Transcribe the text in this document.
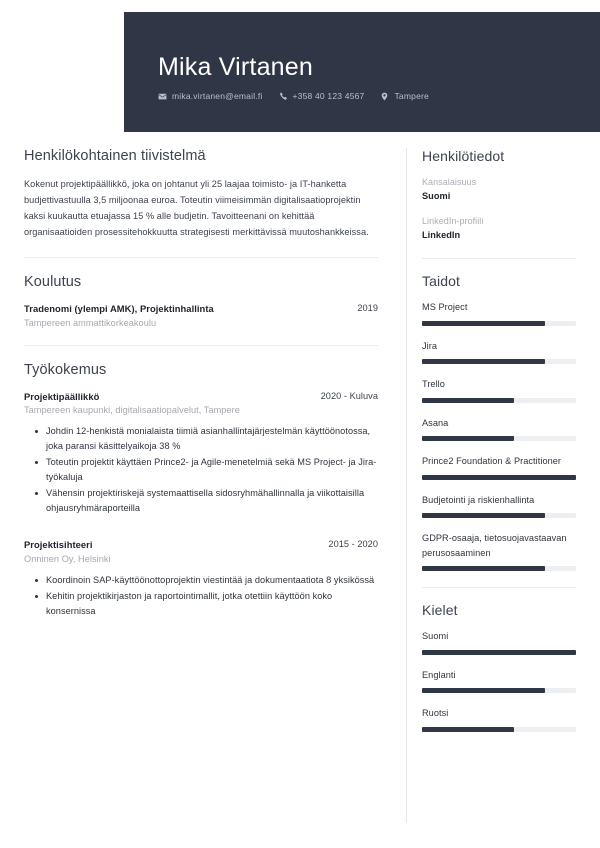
Mika Virtanen
mika.virtanen@email.fi	+358 40 123 4567	Tampere
Henkilökohtainen tiivistelmä

Kokenut projektipäällikkö, joka on johtanut yli 25 laajaa toimisto- ja IT-hanketta budjettivastuulla 3,5 miljoonaa euroa. Toteutin viimeisimmän digitalisaatioprojektin kaksi kuukautta etuajassa 15 % alle budjetin. Tavoitteenani on kehittää organisaatioiden prosessitehokkuutta strategisesti merkittävissä muutoshankkeissa.

Koulutus
Tradenomi (ylempi AMK), Projektinhallinta	2019
Tampereen ammattikorkeakoulu
Työkokemus
Projektipäällikkö	2020 - Kuluva
Tampereen kaupunki, digitalisaatiopalvelut, Tampere
Johdin 12-henkistä monialaista tiimiä asianhallintajärjestelmän käyttöönotossa, joka paransi käsittelyaikoja 38 %
Toteutin projektit käyttäen Prince2- ja Agile-menetelmiä sekä MS Project- ja Jira-työkaluja
Vähensin projektiriskejä systemaattisella sidosryhmähallinnalla ja viikottaisilla ohjausryhmäraporteilla
Projektisihteeri	2015 - 2020
Onninen Oy, Helsinki
Koordinoin SAP-käyttöönottoprojektin viestintää ja dokumentaatiota 8 yksikössä
Kehitin projektikirjaston ja raportointimallit, jotka otettiin käyttöön koko konsernissa
Henkilötiedot
Kansalaisuus
Suomi
LinkedIn-profiili
LinkedIn
Taidot
MS Project
Jira
Trello
Asana
Prince2 Foundation & Practitioner
Budjetointi ja riskienhallinta
GDPR-osaaja, tietosuojavastaavan perusosaaminen
Kielet
Suomi
Englanti
Ruotsi
